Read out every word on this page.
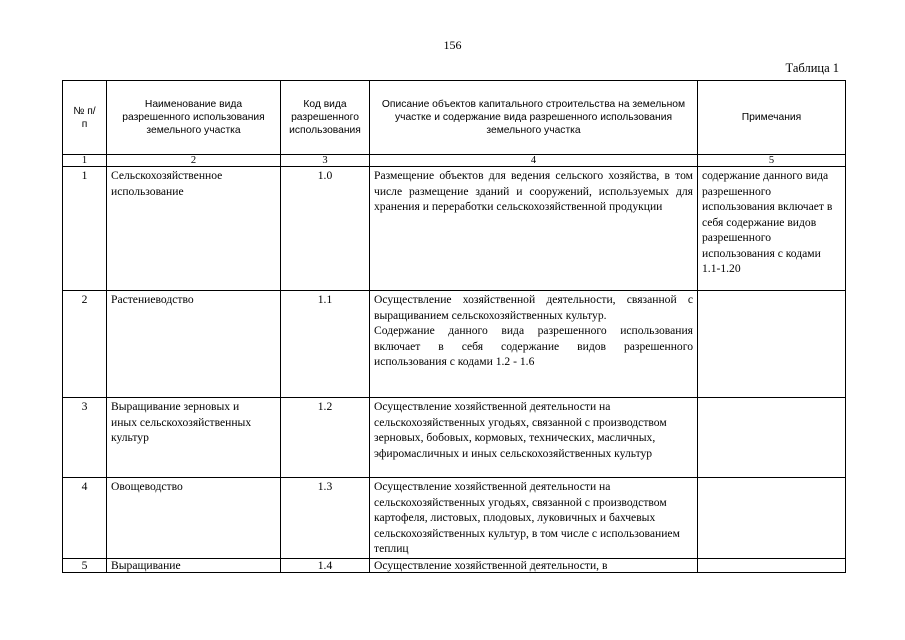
156
Таблица 1
№ п/п	Наименование вида разрешенного использования земельного участка	Код вида разрешенного использования	Описание объектов капитального строительства на земельном участке и содержание вида разрешенного использования земельного участка	Примечания
1	2	3	4	5
1	Сельскохозяйственное использование	1.0	Размещение объектов для ведения сельского хозяйства, в том числе размещение зданий и сооружений, используемых для хранения и переработки сельскохозяйственной продукции	содержание данного вида разрешенного использования включает в себя содержание видов разрешенного использования с кодами 1.1-1.20
2	Растениеводство	1.1	Осуществление хозяйственной деятельности, связанной с выращиванием сельскохозяйственных культур.

Содержание данного вида разрешенного использования включает в себя содержание видов разрешенного использования с кодами 1.2 - 1.6	

3	Выращивание зерновых и иных сельскохозяйственных культур	1.2	Осуществление хозяйственной деятельности на сельскохозяйственных угодьях, связанной с производством зерновых, бобовых, кормовых, технических, масличных, эфиромасличных и иных сельскохозяйственных культур	

4	Овощеводство	1.3	Осуществление хозяйственной деятельности на сельскохозяйственных угодьях, связанной с производством картофеля, листовых, плодовых, луковичных и бахчевых сельскохозяйственных культур, в том числе с использованием теплиц	

5	Выращивание	1.4	Осуществление хозяйственной деятельности, в	
